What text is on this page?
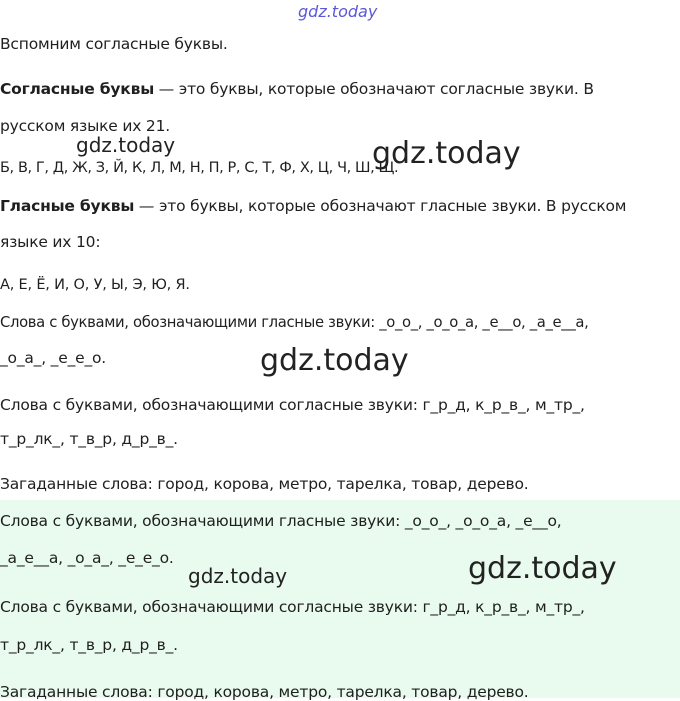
gdz.today
Вспомним согласные буквы.
Согласные буквы — это буквы, которые обозначают согласные звуки. В
русском языке их 21.
gdz.today
Б, В, Г, Д, Ж, З, Й, К, Л, М, Н, П, Р, С, Т, Ф, Х, Ц, Ч, Ш, Щ.
gdz.today
Гласные буквы — это буквы, которые обозначают гласные звуки. В русском
языке их 10:
А, Е, Ё, И, О, У, Ы, Э, Ю, Я.
Слова с буквами, обозначающими гласные звуки: _о_о_, _о_о_а, _е__о, _а_е__а,
_о_а_, _е_е_о.	gdz.today
Слова с буквами, обозначающими согласные звуки: г_р_д, к_р_в_, м_тр_,
т_р_лк_, т_в_р, д_р_в_.
Загаданные слова: город, корова, метро, тарелка, товар, дерево.
Слова с буквами, обозначающими гласные звуки: _о_о_, _о_о_а, _е__о,
_а_е__а, _о_а_, _е_е_о.
gdz.today	gdz.today
Слова с буквами, обозначающими согласные звуки: г_р_д, к_р_в_, м_тр_,
т_р_лк_, т_в_р, д_р_в_.
Загаданные слова: город, корова, метро, тарелка, товар, дерево.
